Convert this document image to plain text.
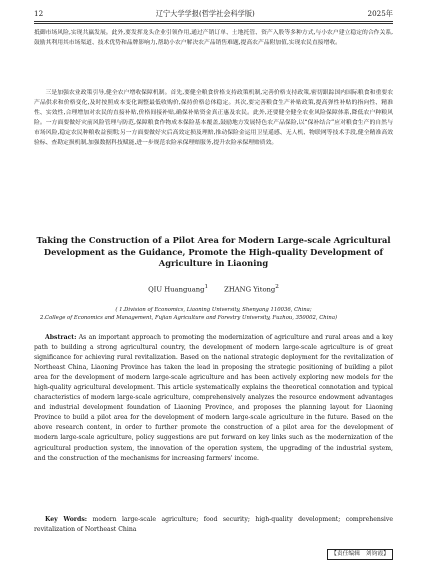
12	辽宁大学学报(哲学社会科学版)	2025年

抵御市场风险,实现共赢发展。此外,要发挥龙头企业引领作用,通过产销订单、土地托管、资产入股等多种方式,与小农户建立稳定的合作关系,鼓励其利用其市场渠道、技术优势和品牌影响力,帮助小农户解决农产品销售难题,提高农产品附加值,实现农民直接增收。

三是加强农业政策引导,健全农户增收保障机制。首先,要健全粮食价格支持政策机制,完善价格支持政策,密切跟踪国内国际粮食和重要农产品供求和价格变化,及时按照成本变化调整最低收购价,保持价格总体稳定。其次,要完善粮食生产补贴政策,提高弹性补贴的指向性、精准性、实效性,合理增加对农民的直接补贴,价格间接补贴,确保补贴资金真正惠及农民。此外,还要健全健全农业风险保障体系,降低农户种粮风险。一方面要做好灾前风险管理与防范,保障粮食作物成本保险基本覆盖,鼓励地方发展特色农产品保险,以“保补结合”应对粮食生产的自然与市场风险,稳定农民种粮收益预期;另一方面要做好灾后高效定损及理赔,推动保险金运用卫星遥感、无人机、物联网等技术手段,健全精准高效验标、查勘定损机制,加强数据科技赋能,进一步规范农险承保理赔服务,提升农险承保理赔质效。

Taking the Construction of a Pilot Area for Modern Large-scale Agricultural Development as the Guidance, Promote the High-quality Development of Agriculture in Liaoning

QIU Huanguang$^1$ ZHANG Yitong$^2$

( 1.Division of Economics, Liaoning University, Shenyang 110036, China;

2.College of Economics and Management, Fujian Agriculture and Forestry University, Fuzhou, 350002, China)

Abstract: As an important approach to promoting the modernization of agriculture and rural areas and a key path to building a strong agricultural country, the development of modern large-scale agriculture is of great significance for achieving rural revitalization. Based on the national strategic deployment for the revitalization of Northeast China, Liaoning Province has taken the lead in proposing the strategic positioning of building a pilot area for the development of modern large-scale agriculture and has been actively exploring new models for the high-quality agricultural development. This article systematically explains the theoretical connotation and typical characteristics of modern large-scale agriculture, comprehensively analyzes the resource endowment advantages and industrial development foundation of Liaoning Province, and proposes the planning layout for Liaoning Province to build a pilot area for the development of modern large-scale agriculture in the future. Based on the above research content, in order to further promote the construction of a pilot area for the development of modern large-scale agriculture, policy suggestions are put forward on key links such as the modernization of the agricultural production system, the innovation of the operation system, the upgrading of the industrial system, and the construction of the mechanisms for increasing farmers' income.

Key Words: modern large-scale agriculture; food security; high-quality development; comprehensive revitalization of Northeast China

【责任编辑　刘钧霞】
